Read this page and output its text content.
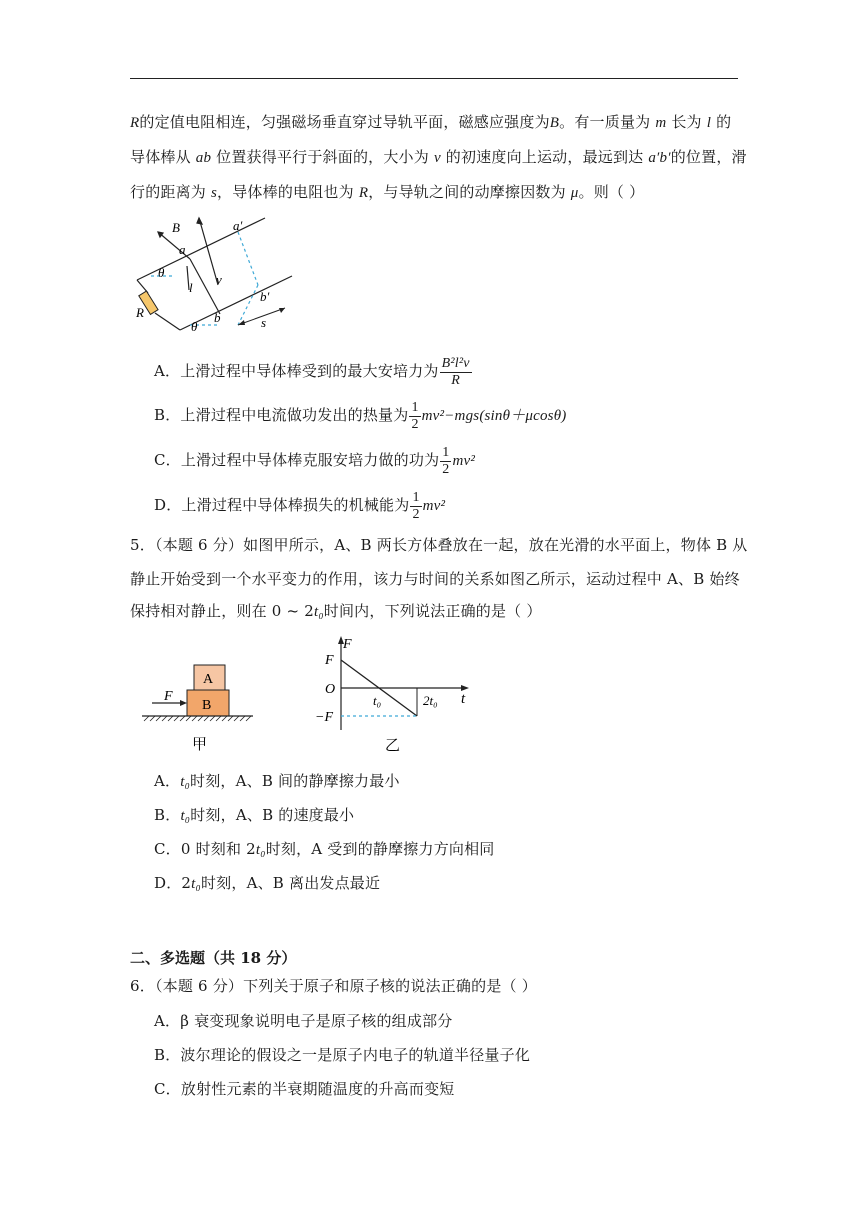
R的定值电阻相连，匀强磁场垂直穿过导轨平面，磁感应强度为B。有一质量为 m 长为 l 的
导体棒从 ab 位置获得平行于斜面的，大小为 v 的初速度向上运动，最远到达 a′b′的位置，滑
行的距离为 s，导体棒的电阻也为 R，与导轨之间的动摩擦因数为 μ。则（ ）
B	a′
a
θ
l
v
b′
R	b
θ	s
A．上滑过程中导体棒受到的最大安培力为 $\frac{\text{B²l²v}}{R}$
B．上滑过程中电流做功发出的热量为 $\frac{1}{2} mv^2-mgs(\sin\theta+\mu\cos\theta)$
C．上滑过程中导体棒克服安培力做的功为 $\frac{1}{2} mv^2$
D．上滑过程中导体棒损失的机械能为 $\frac{1}{2} mv^2$
5．（本题 6 分）如图甲所示，A、B 两长方体叠放在一起，放在光滑的水平面上，物体 B 从
静止开始受到一个水平变力的作用，该力与时间的关系如图乙所示，运动过程中 A、B 始终
保持相对静止，则在 0 ~ 2t₀时间内，下列说法正确的是（ ）
A
B
F
甲
F
F
O
t₀	2t₀ t
−F
乙
A．t₀时刻，A、B 间的静摩擦力最小
B．t₀时刻，A、B 的速度最小
C．0 时刻和 2t₀时刻，A 受到的静摩擦力方向相同
D．2t₀时刻，A、B 离出发点最近
二、多选题（共 18 分）
6．（本题 6 分）下列关于原子和原子核的说法正确的是（ ）
A．β 衰变现象说明电子是原子核的组成部分
B．波尔理论的假设之一是原子内电子的轨道半径量子化
C．放射性元素的半衰期随温度的升高而变短
